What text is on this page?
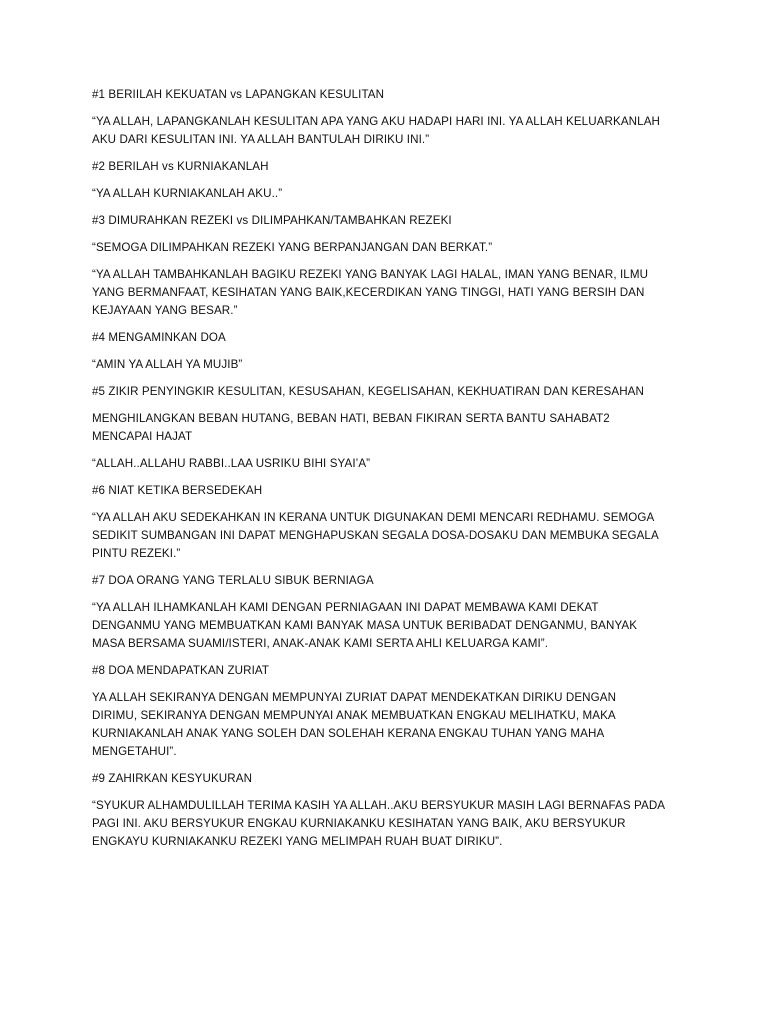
#1 BERIILAH KEKUATAN vs LAPANGKAN KESULITAN

“YA ALLAH, LAPANGKANLAH KESULITAN APA YANG AKU HADAPI HARI INI. YA ALLAH KELUARKANLAH
AKU DARI KESULITAN INI. YA ALLAH BANTULAH DIRIKU INI.”

#2 BERILAH vs KURNIAKANLAH

“YA ALLAH KURNIAKANLAH AKU..”

#3 DIMURAHKAN REZEKI vs DILIMPAHKAN/TAMBAHKAN REZEKI

“SEMOGA DILIMPAHKAN REZEKI YANG BERPANJANGAN DAN BERKAT.”

“YA ALLAH TAMBAHKANLAH BAGIKU REZEKI YANG BANYAK LAGI HALAL, IMAN YANG BENAR, ILMU
YANG BERMANFAAT, KESIHATAN YANG BAIK,KECERDIKAN YANG TINGGI, HATI YANG BERSIH DAN
KEJAYAAN YANG BESAR.”

#4 MENGAMINKAN DOA

“AMIN YA ALLAH YA MUJIB”

#5 ZIKIR PENYINGKIR KESULITAN, KESUSAHAN, KEGELISAHAN, KEKHUATIRAN DAN KERESAHAN

MENGHILANGKAN BEBAN HUTANG, BEBAN HATI, BEBAN FIKIRAN SERTA BANTU SAHABAT2
MENCAPAI HAJAT

“ALLAH..ALLAHU RABBI..LAA USRIKU BIHI SYAI’A”

#6 NIAT KETIKA BERSEDEKAH

“YA ALLAH AKU SEDEKAHKAN IN KERANA UNTUK DIGUNAKAN DEMI MENCARI REDHAMU. SEMOGA
SEDIKIT SUMBANGAN INI DAPAT MENGHAPUSKAN SEGALA DOSA-DOSAKU DAN MEMBUKA SEGALA
PINTU REZEKI.”

#7 DOA ORANG YANG TERLALU SIBUK BERNIAGA

“YA ALLAH ILHAMKANLAH KAMI DENGAN PERNIAGAAN INI DAPAT MEMBAWA KAMI DEKAT
DENGANMU YANG MEMBUATKAN KAMI BANYAK MASA UNTUK BERIBADAT DENGANMU, BANYAK
MASA BERSAMA SUAMI/ISTERI, ANAK-ANAK KAMI SERTA AHLI KELUARGA KAMI”.

#8 DOA MENDAPATKAN ZURIAT

YA ALLAH SEKIRANYA DENGAN MEMPUNYAI ZURIAT DAPAT MENDEKATKAN DIRIKU DENGAN
DIRIMU, SEKIRANYA DENGAN MEMPUNYAI ANAK MEMBUATKAN ENGKAU MELIHATKU, MAKA
KURNIAKANLAH ANAK YANG SOLEH DAN SOLEHAH KERANA ENGKAU TUHAN YANG MAHA
MENGETAHUI”.

#9 ZAHIRKAN KESYUKURAN

“SYUKUR ALHAMDULILLAH TERIMA KASIH YA ALLAH..AKU BERSYUKUR MASIH LAGI BERNAFAS PADA
PAGI INI. AKU BERSYUKUR ENGKAU KURNIAKANKU KESIHATAN YANG BAIK, AKU BERSYUKUR
ENGKAYU KURNIAKANKU REZEKI YANG MELIMPAH RUAH BUAT DIRIKU”.
